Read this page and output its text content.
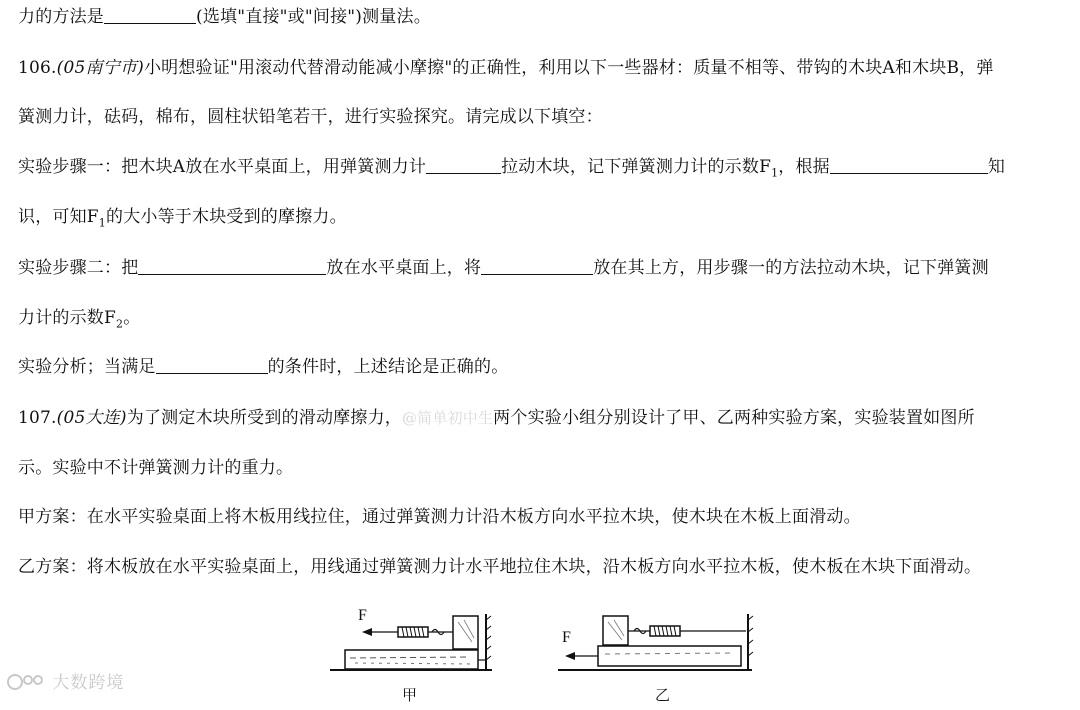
力的方法是	(选填"直接"或"间接")测量法。
106.(05南宁市)小明想验证"用滚动代替滑动能减小摩擦"的正确性，利用以下一些器材：质量不相等、带钩的木块A和木块B，弹
簧测力计，砝码，棉布，圆柱状铅笔若干，进行实验探究。请完成以下填空：
实验步骤一：把木块A放在水平桌面上，用弹簧测力计	拉动木块，记下弹簧测力计的示数$F_1$，根据	知
识，可知$F_1$的大小等于木块受到的摩擦力。
实验步骤二：把	放在水平桌面上，将	放在其上方，用步骤一的方法拉动木块，记下弹簧测
力计的示数$F_2$。
实验分析；当满足	的条件时，上述结论是正确的。
107.(05大连)为了测定木块所受到的滑动摩擦力，@简单初中生两个实验小组分别设计了甲、乙两种实验方案，实验装置如图所
示。实验中不计弹簧测力计的重力。
甲方案：在水平实验桌面上将木板用线拉住，通过弹簧测力计沿木板方向水平拉木块，使木块在木板上面滑动。
乙方案：将木板放在水平实验桌面上，用线通过弹簧测力计水平地拉住木块，沿木板方向水平拉木板，使木板在木块下面滑动。
F
F
甲	乙
大数跨境
